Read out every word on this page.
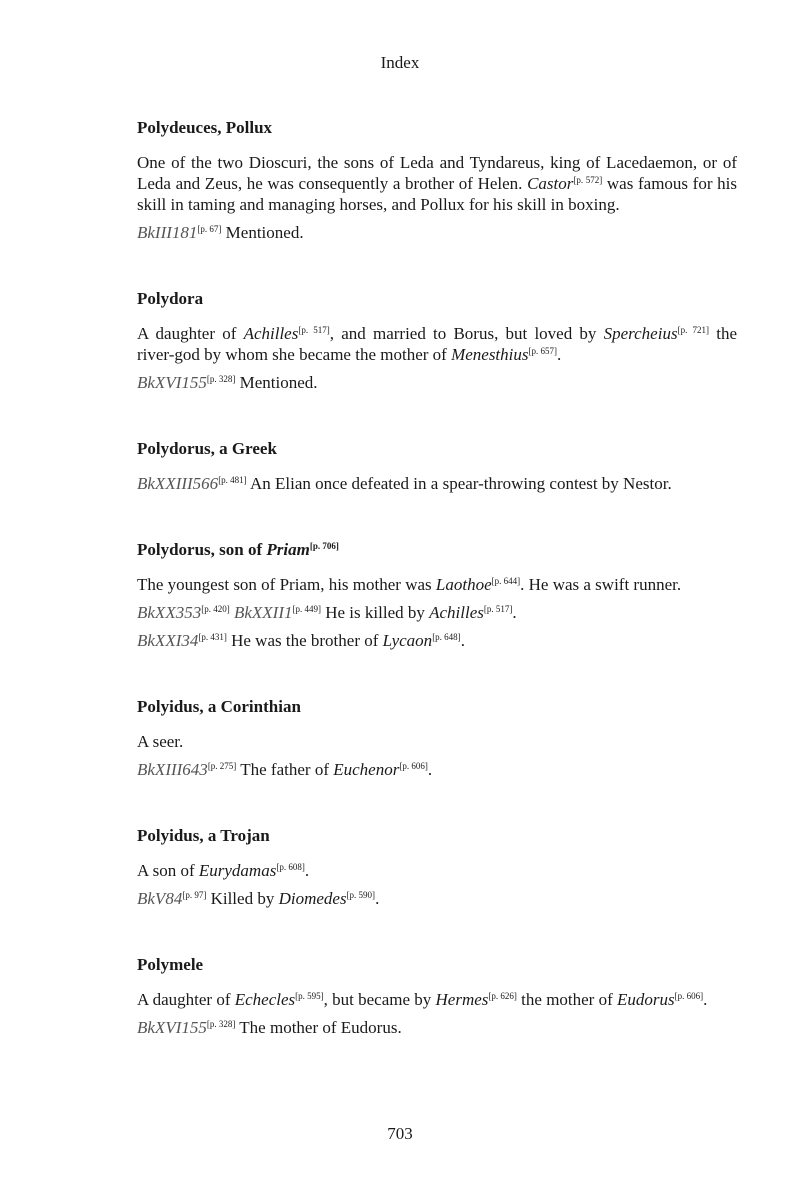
Index
Polydeuces, Pollux

One of the two Dioscuri, the sons of Leda and Tyndareus, king of Lacedaemon, or of Leda and Zeus, he was consequently a brother of Helen. Castor[p. 572] was famous for his skill in taming and managing horses, and Pollux for his skill in boxing.

BkIII181[p. 67] Mentioned.

Polydora

A daughter of Achilles[p. 517], and married to Borus, but loved by Spercheius[p. 721] the river-god by whom she became the mother of Menesthius[p. 657].

BkXVI155[p. 328] Mentioned.

Polydorus, a Greek

BkXXIII566[p. 481] An Elian once defeated in a spear-throwing contest by Nestor.

Polydorus, son of Priam[p. 706]

The youngest son of Priam, his mother was Laothoe[p. 644]. He was a swift runner.

BkXX353[p. 420] BkXXII1[p. 449] He is killed by Achilles[p. 517].

BkXXI34[p. 431] He was the brother of Lycaon[p. 648].

Polyidus, a Corinthian

A seer.

BkXIII643[p. 275] The father of Euchenor[p. 606].

Polyidus, a Trojan

A son of Eurydamas[p. 608].

BkV84[p. 97] Killed by Diomedes[p. 590].

Polymele

A daughter of Echecles[p. 595], but became by Hermes[p. 626] the mother of Eudorus[p. 606].

BkXVI155[p. 328] The mother of Eudorus.

703
